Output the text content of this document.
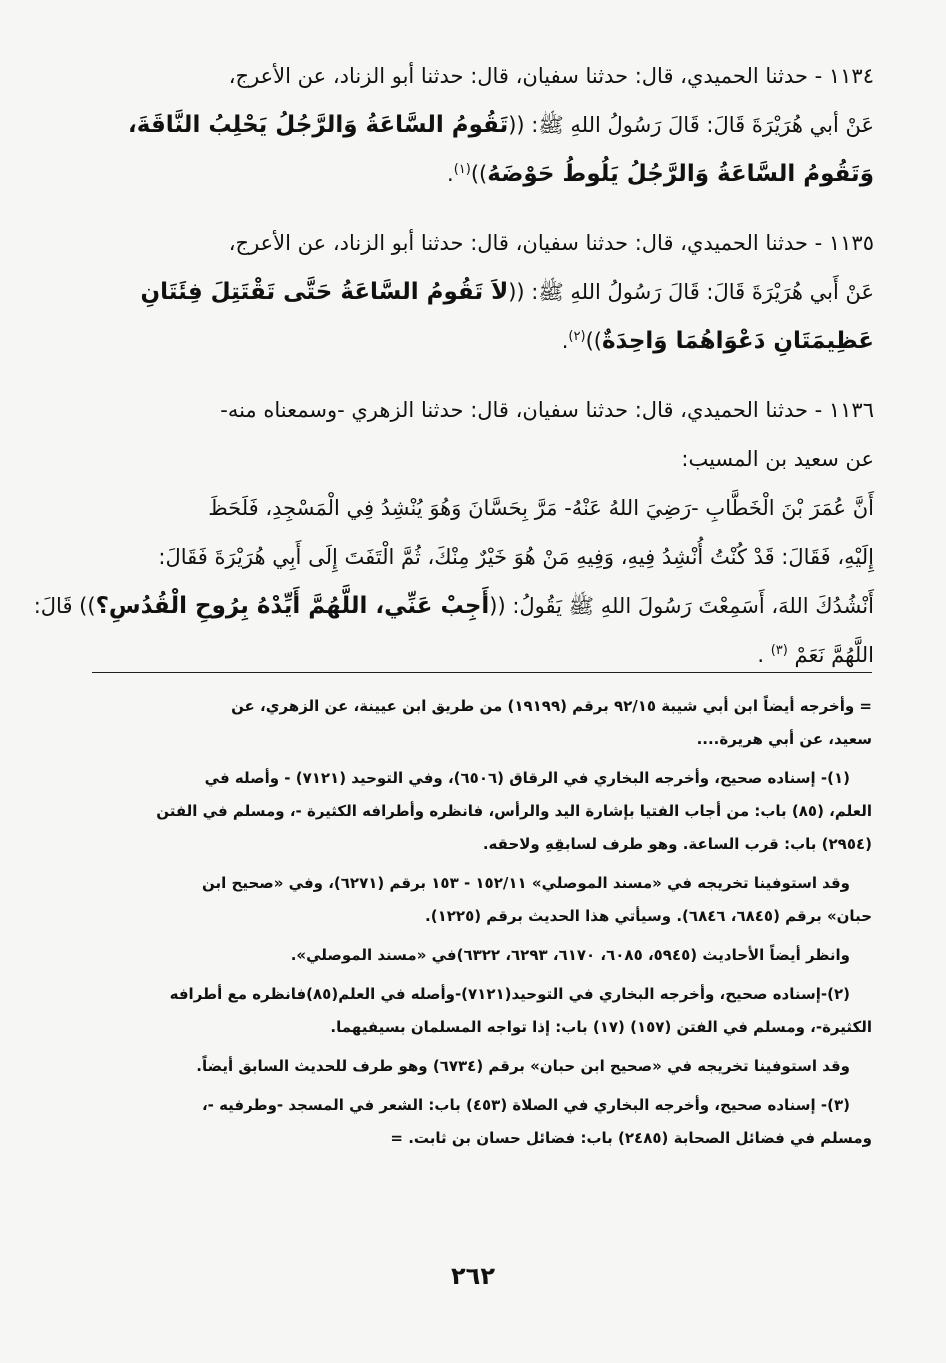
١١٣٤ - حدثنا الحميدي، قال: حدثنا سفيان، قال: حدثنا أبو الزناد، عن الأعرج،
عَنْ أبي هُرَيْرَةَ قَالَ: قَالَ رَسُولُ اللهِ ﷺ: ((تَقُومُ السَّاعَةُ وَالرَّجُلُ يَحْلِبُ النَّاقَةَ،
وَتَقُومُ السَّاعَةُ وَالرَّجُلُ يَلُوطُ حَوْضَهُ))$^{(١)}$.
١١٣٥ - حدثنا الحميدي، قال: حدثنا سفيان، قال: حدثنا أبو الزناد، عن الأعرج،
عَنْ أَبي هُرَيْرَةَ قَالَ: قَالَ رَسُولُ اللهِ ﷺ: ((لاَ تَقُومُ السَّاعَةُ حَتَّى تَقْتَتِلَ فِئَتَانِ
عَظِيمَتَانِ دَعْوَاهُمَا وَاحِدَةٌ))$^{(٢)}$.
١١٣٦ - حدثنا الحميدي، قال: حدثنا سفيان، قال: حدثنا الزهري -وسمعناه منه-
عن سعيد بن المسيب:
أَنَّ عُمَرَ بْنَ الْخَطَّابِ -رَضِيَ اللهُ عَنْهُ- مَرَّ بِحَسَّانَ وَهُوَ يُنْشِدُ فِي الْمَسْجِدِ، فَلَحَظَ
إِلَيْهِ، فَقَالَ: قَدْ كُنْتُ أُنْشِدُ فِيهِ، وَفِيهِ مَنْ هُوَ خَيْرٌ مِنْكَ، ثُمَّ الْتَفَتَ إِلَى أَبِي هُرَيْرَةَ فَقَالَ:
أَنْشُدُكَ اللهَ، أَسَمِعْتَ رَسُولَ اللهِ ﷺ يَقُولُ: ((أَجِبْ عَنِّي، اللَّهُمَّ أَيِّدْهُ بِرُوحِ الْقُدُسِ؟)) قَالَ:
اللَّهُمَّ نَعَمْ $^{(٣)}$ .
= وأخرجه أيضاً ابن أبي شيبة ٩٢/١٥ برقم (١٩١٩٩) من طريق ابن عيينة، عن الزهري، عن
سعيد، عن أبي هريرة....
(١)- إسناده صحيح، وأخرجه البخاري في الرقاق (٦٥٠٦)، وفي التوحيد (٧١٢١) - وأصله في
العلم، (٨٥) باب: من أجاب الفتيا بإشارة اليد والرأس، فانظره وأطرافه الكثيرة -، ومسلم في الفتن
(٢٩٥٤) باب: قرب الساعة. وهو طرف لسابقِهِ ولاحقه.
وقد استوفينا تخريجه في «مسند الموصلي» ١٥٢/١١ - ١٥٣ برقم (٦٢٧١)، وفي «صحيح ابن
حبان» برقم (٦٨٤٥، ٦٨٤٦). وسيأتي هذا الحديث برقم (١٢٢٥).
وانظر أيضاً الأحاديث (٥٩٤٥، ٦٠٨٥، ٦١٧٠، ٦٢٩٣، ٦٣٢٢)في «مسند الموصلي».
(٢)-إسناده صحيح، وأخرجه البخاري في التوحيد(٧١٢١)-وأصله في العلم(٨٥)فانظره مع أطرافه
الكثيرة-، ومسلم في الفتن (١٥٧) (١٧) باب: إذا تواجه المسلمان بسيفيهما.
وقد استوفينا تخريجه في «صحيح ابن حبان» برقم (٦٧٣٤) وهو طرف للحديث السابق أيضاً.
(٣)- إسناده صحيح، وأخرجه البخاري في الصلاة (٤٥٣) باب: الشعر في المسجد -وطرفيه -،
ومسلم في فضائل الصحابة (٢٤٨٥) باب: فضائل حسان بن ثابت. =
٢٦٢
